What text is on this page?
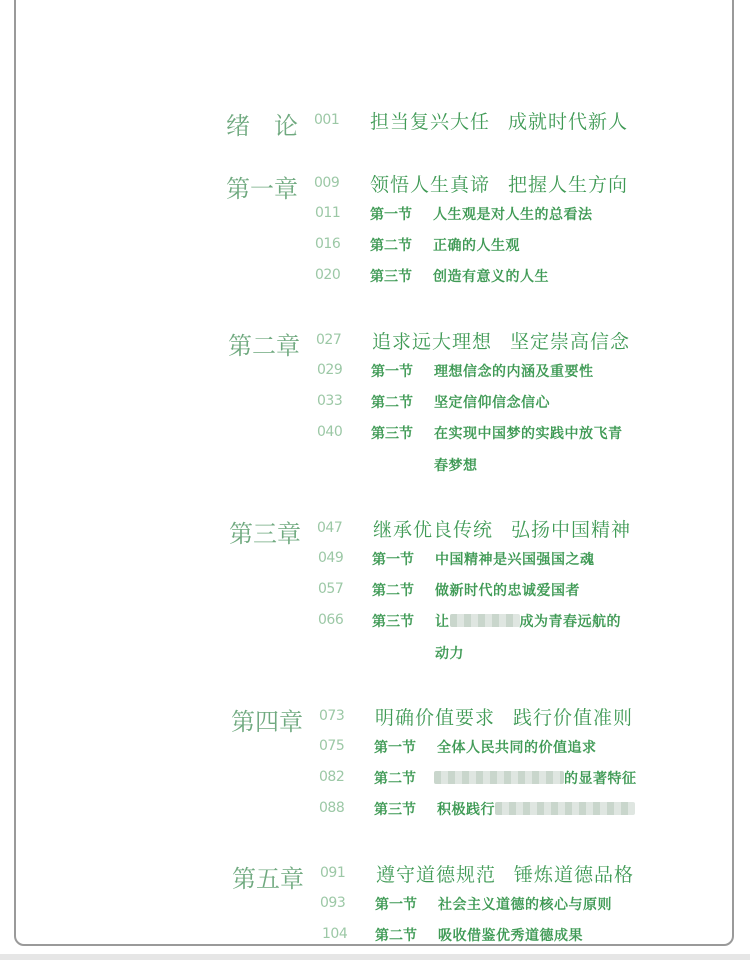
绪　论 001 担当复兴大任 成就时代新人
第一章 009 领悟人生真谛 把握人生方向
011 第一节 人生观是对人生的总看法
016 第二节 正确的人生观
020 第三节 创造有意义的人生
第二章 027 追求远大理想 坚定崇高信念
029 第一节 理想信念的内涵及重要性
033 第二节 坚定信仰信念信心
040 第三节 在实现中国梦的实践中放飞青
春梦想
第三章 047 继承优良传统 弘扬中国精神
049 第一节 中国精神是兴国强国之魂
057 第二节 做新时代的忠诚爱国者
066 第三节 让	成为青春远航的
动力
第四章 073 明确价值要求 践行价值准则
075 第一节 全体人民共同的价值追求
082 第二节	的显著特征
088 第三节 积极践行
第五章 091 遵守道德规范 锤炼道德品格
093 第一节 社会主义道德的核心与原则
104 第二节 吸收借鉴优秀道德成果
